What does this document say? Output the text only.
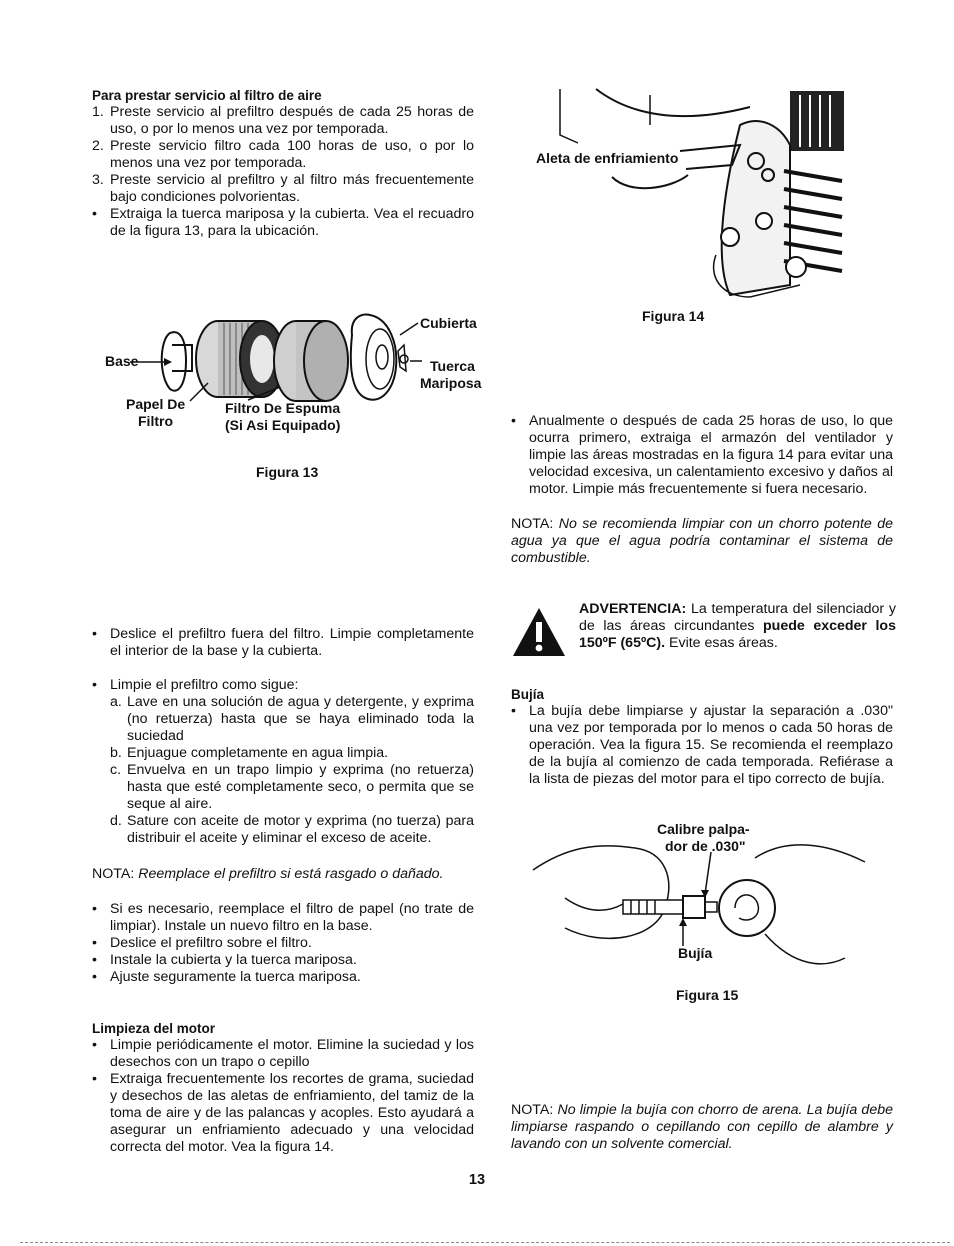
Para prestar servicio al filtro de aire
1. Preste servicio al prefiltro después de cada 25 horas de uso, o por lo menos una vez por temporada.
2. Preste servicio filtro cada 100 horas de uso, o por lo menos una vez por temporada.
3. Preste servicio al prefiltro y al filtro más frecuentemente bajo condiciones polvorientas.
• Extraiga la tuerca mariposa y la cubierta. Vea el recuadro de la figura 13, para la ubicación.
Base
Cubierta
Tuerca
Mariposa
Papel De
Filtro
Filtro De Espuma
(Si Asi Equipado)
Figura 13
• Deslice el prefiltro fuera del filtro. Limpie completamente el interior de la base y la cubierta.
• Limpie el prefiltro como sigue:
a. Lave en una solución de agua y detergente, y exprima (no retuerza) hasta que se haya eliminado toda la suciedad
b. Enjuague completamente en agua limpia.
c. Envuelva en un trapo limpio y exprima (no retuerza) hasta que esté completamente seco, o permita que se seque al aire.
d. Sature con aceite de motor y exprima (no tuerza) para distribuir el aceite y eliminar el exceso de aceite.
NOTA: Reemplace el prefiltro si está rasgado o dañado.
• Si es necesario, reemplace el filtro de papel (no trate de limpiar). Instale un nuevo filtro en la base.
• Deslice el prefiltro sobre el filtro.
• Instale la cubierta y la tuerca mariposa.
• Ajuste seguramente la tuerca mariposa.
Limpieza del motor
• Limpie periódicamente el motor. Elimine la suciedad y los desechos con un trapo o cepillo
• Extraiga frecuentemente los recortes de grama, suciedad y desechos de las aletas de enfriamiento, del tamiz de la toma de aire y de las palancas y acoples. Esto ayudará a asegurar un enfriamiento adecuado y una velocidad correcta del motor. Vea la figura 14.
Aleta de enfriamiento
Figura 14
• Anualmente o después de cada 25 horas de uso, lo que ocurra primero, extraiga el armazón del ventilador y limpie las áreas mostradas en la figura 14 para evitar una velocidad excesiva, un calentamiento excesivo y daños al motor. Limpie más frecuentemente si fuera necesario.
NOTA: No se recomienda limpiar con un chorro potente de agua ya que el agua podría contaminar el sistema de combustible.
ADVERTENCIA: La temperatura del silenciador y de las áreas circundantes puede exceder los 150ºF (65ºC). Evite esas áreas.
Bujía
• La bujía debe limpiarse y ajustar la separación a .030" una vez por temporada por lo menos o cada 50 horas de operación. Vea la figura 15. Se recomienda el reemplazo de la bujía al comienzo de cada temporada. Refiérase a la lista de piezas del motor para el tipo correcto de bujía.
Calibre palpa-
dor de .030"
Bujía
Figura 15
NOTA: No limpie la bujía con chorro de arena. La bujía debe limpiarse raspando o cepillando con cepillo de alambre y lavando con un solvente comercial.
13
